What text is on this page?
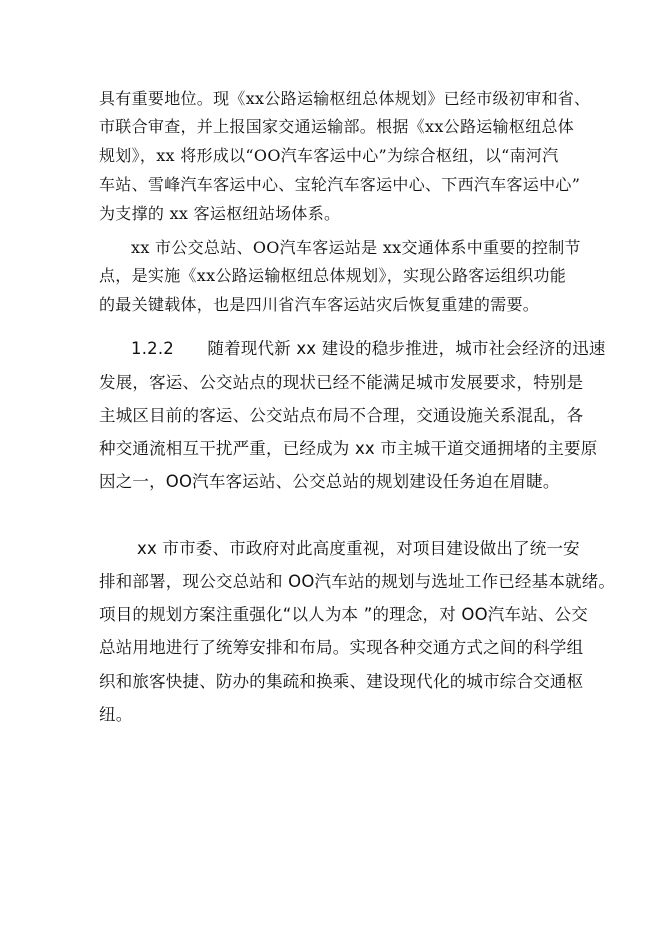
具有重要地位。现《xx公路运输枢纽总体规划》已经市级初审和省、
市联合审查，并上报国家交通运输部。根据《xx公路运输枢纽总体
规划》，xx 将形成以“OO汽车客运中心”为综合枢纽，以“南河汽
车站、雪峰汽车客运中心、宝轮汽车客运中心、下西汽车客运中心”
为支撑的 xx 客运枢纽站场体系。
xx 市公交总站、OO汽车客运站是 xx交通体系中重要的控制节
点，是实施《xx公路运输枢纽总体规划》，实现公路客运组织功能
的最关键载体，也是四川省汽车客运站灾后恢复重建的需要。
1.2.2　　随着现代新 xx 建设的稳步推进，城市社会经济的迅速
发展，客运、公交站点的现状已经不能满足城市发展要求，特别是
主城区目前的客运、公交站点布局不合理，交通设施关系混乱，各
种交通流相互干扰严重，已经成为 xx 市主城干道交通拥堵的主要原
因之一，OO汽车客运站、公交总站的规划建设任务迫在眉睫。
xx 市市委、市政府对此高度重视，对项目建设做出了统一安
排和部署，现公交总站和 OO汽车站的规划与选址工作已经基本就绪。
项目的规划方案注重强化“以人为本 ”的理念，对 OO汽车站、公交
总站用地进行了统筹安排和布局。实现各种交通方式之间的科学组
织和旅客快捷、防办的集疏和换乘、建设现代化的城市综合交通枢
纽。
